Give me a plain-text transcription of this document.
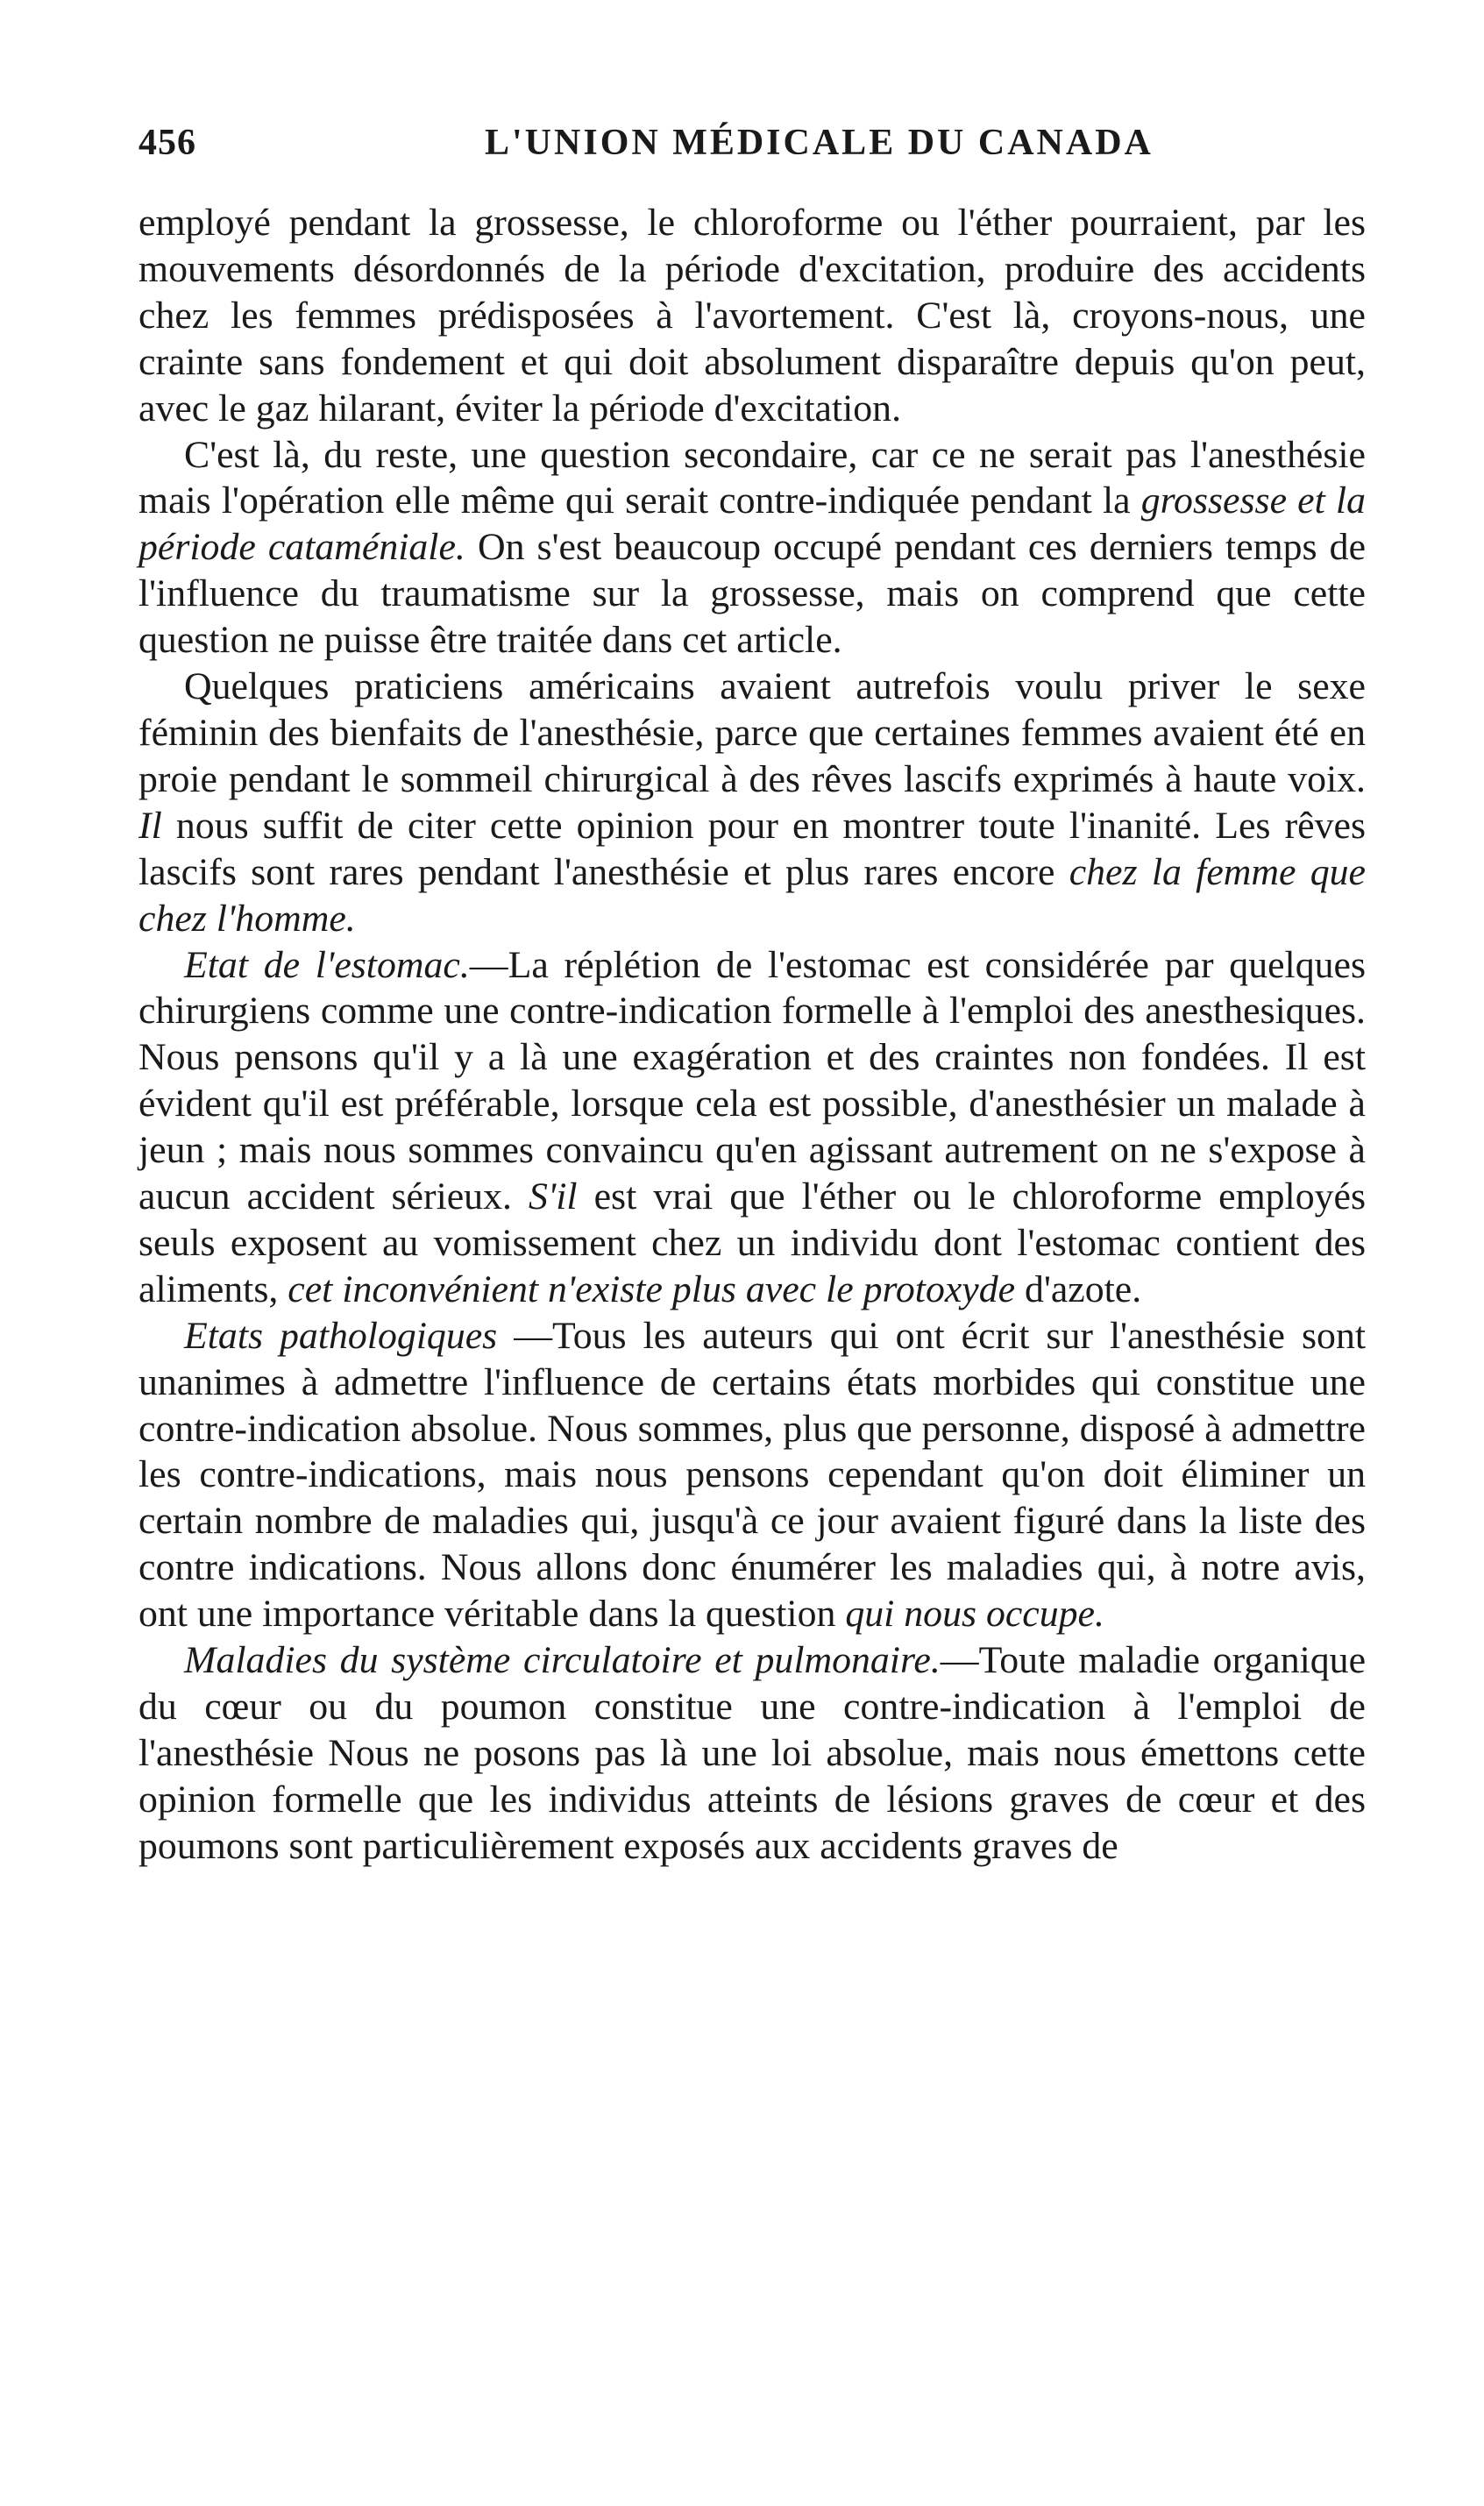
456	L'UNION MÉDICALE DU CANADA

employé pendant la grossesse, le chloroforme ou l'éther pourraient, par les mouvements désordonnés de la période d'excitation, produire des accidents chez les femmes prédisposées à l'avortement. C'est là, croyons-nous, une crainte sans fondement et qui doit absolument disparaître depuis qu'on peut, avec le gaz hilarant, éviter la période d'excitation.

C'est là, du reste, une question secondaire, car ce ne serait pas l'anesthésie mais l'opération elle même qui serait contre-indiquée pendant la grossesse et la période cataméniale. On s'est beaucoup occupé pendant ces derniers temps de l'influence du traumatisme sur la grossesse, mais on comprend que cette question ne puisse être traitée dans cet article.

Quelques praticiens américains avaient autrefois voulu priver le sexe féminin des bienfaits de l'anesthésie, parce que certaines femmes avaient été en proie pendant le sommeil chirurgical à des rêves lascifs exprimés à haute voix. Il nous suffit de citer cette opinion pour en montrer toute l'inanité. Les rêves lascifs sont rares pendant l'anesthésie et plus rares encore chez la femme que chez l'homme.

Etat de l'estomac.—La réplétion de l'estomac est considérée par quelques chirurgiens comme une contre-indication formelle à l'emploi des anesthesiques. Nous pensons qu'il y a là une exagération et des craintes non fondées. Il est évident qu'il est préférable, lorsque cela est possible, d'anesthésier un malade à jeun ; mais nous sommes convaincu qu'en agissant autrement on ne s'expose à aucun accident sérieux. S'il est vrai que l'éther ou le chloroforme employés seuls exposent au vomissement chez un individu dont l'estomac contient des aliments, cet inconvénient n'existe plus avec le protoxyde d'azote.

Etats pathologiques —Tous les auteurs qui ont écrit sur l'anesthésie sont unanimes à admettre l'influence de certains états morbides qui constitue une contre-indication absolue. Nous sommes, plus que personne, disposé à admettre les contre-indications, mais nous pensons cependant qu'on doit éliminer un certain nombre de maladies qui, jusqu'à ce jour avaient figuré dans la liste des contre indications. Nous allons donc énumérer les maladies qui, à notre avis, ont une importance véritable dans la question qui nous occupe.

Maladies du système circulatoire et pulmonaire.—Toute maladie organique du cœur ou du poumon constitue une contre-indication à l'emploi de l'anesthésie Nous ne posons pas là une loi absolue, mais nous émettons cette opinion formelle que les individus atteints de lésions graves de cœur et des poumons sont particulièrement exposés aux accidents graves de
